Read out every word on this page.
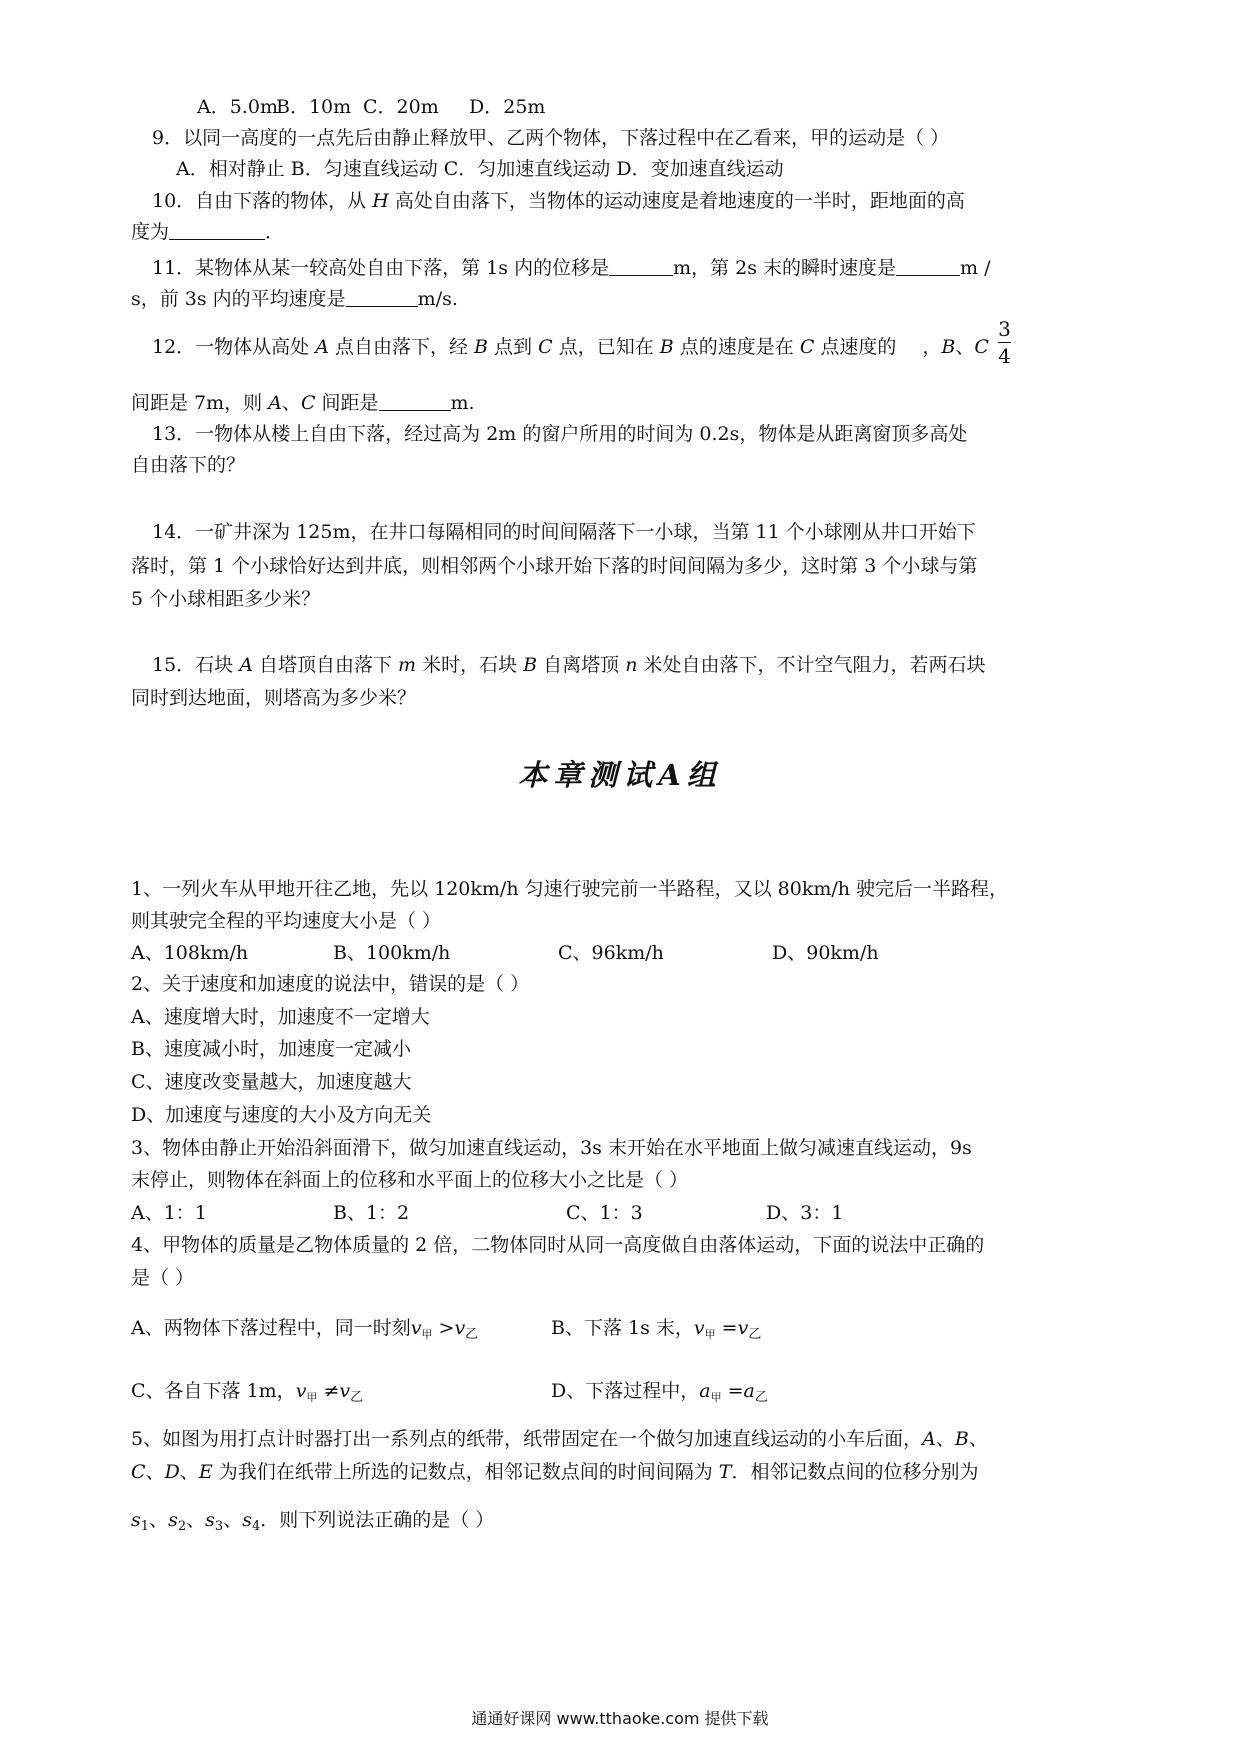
A．5.0m
B．10m C．20m D．25m
9．以同一高度的一点先后由静止释放甲、乙两个物体，下落过程中在乙看来，甲的运动是（ ）
A．相对静止 B．匀速直线运动 C．匀加速直线运动 D．变加速直线运动
10．自由下落的物体，从 H 高处自由落下，当物体的运动速度是着地速度的一半时，距地面的高
度为	．
11．某物体从某一较高处自由下落，第 1s 内的位移是	m，第 2s 末的瞬时速度是	m /
s，前 3s 内的平均速度是	m/s.
12．一物体从高处 A 点自由落下，经 B 点到 C 点，已知在 B 点的速度是在 C 点速度的 ，B、C
3
4
间距是 7m，则 A、C 间距是	m.
13．一物体从楼上自由下落，经过高为 2m 的窗户所用的时间为 0.2s，物体是从距离窗顶多高处
自由落下的？
14．一矿井深为 125m，在井口每隔相同的时间间隔落下一小球，当第 11 个小球刚从井口开始下
落时，第 1 个小球恰好达到井底，则相邻两个小球开始下落的时间间隔为多少，这时第 3 个小球与第
5 个小球相距多少米？
15．石块 A 自塔顶自由落下 m 米时，石块 B 自离塔顶 n 米处自由落下，不计空气阻力，若两石块
同时到达地面，则塔高为多少米？
本章测试A组
1、一列火车从甲地开往乙地，先以 120km/h 匀速行驶完前一半路程，又以 80km/h 驶完后一半路程，
则其驶完全程的平均速度大小是（ ）
A、108km/h	B、100km/h	C、96km/h	D、90km/h
2、关于速度和加速度的说法中，错误的是（ ）
A、速度增大时，加速度不一定增大
B、速度减小时，加速度一定减小
C、速度改变量越大，加速度越大
D、加速度与速度的大小及方向无关
3、物体由静止开始沿斜面滑下，做匀加速直线运动，3s 末开始在水平地面上做匀减速直线运动，9s
末停止，则物体在斜面上的位移和水平面上的位移大小之比是（ ）
A、1：1	B、1：2	C、1：3	D、3：1
4、甲物体的质量是乙物体质量的 2 倍，二物体同时从同一高度做自由落体运动，下面的说法中正确的
是（ ）
A、两物体下落过程中，同一时刻$v_甲 >v_乙$	B、下落 1s 末，$v_甲 =v_乙$
C、各自下落 1m，$v_甲 \ne v_乙$	D、下落过程中，$a_甲 =a_乙$
5、如图为用打点计时器打出一系列点的纸带，纸带固定在一个做匀加速直线运动的小车后面，A、B、
C、D、E 为我们在纸带上所选的记数点，相邻记数点间的时间间隔为 T．相邻记数点间的位移分别为
$s_1$、$s_2$、$s_3$、$s_4$．则下列说法正确的是（ ）
通通好课网 www.tthaoke.com 提供下载
